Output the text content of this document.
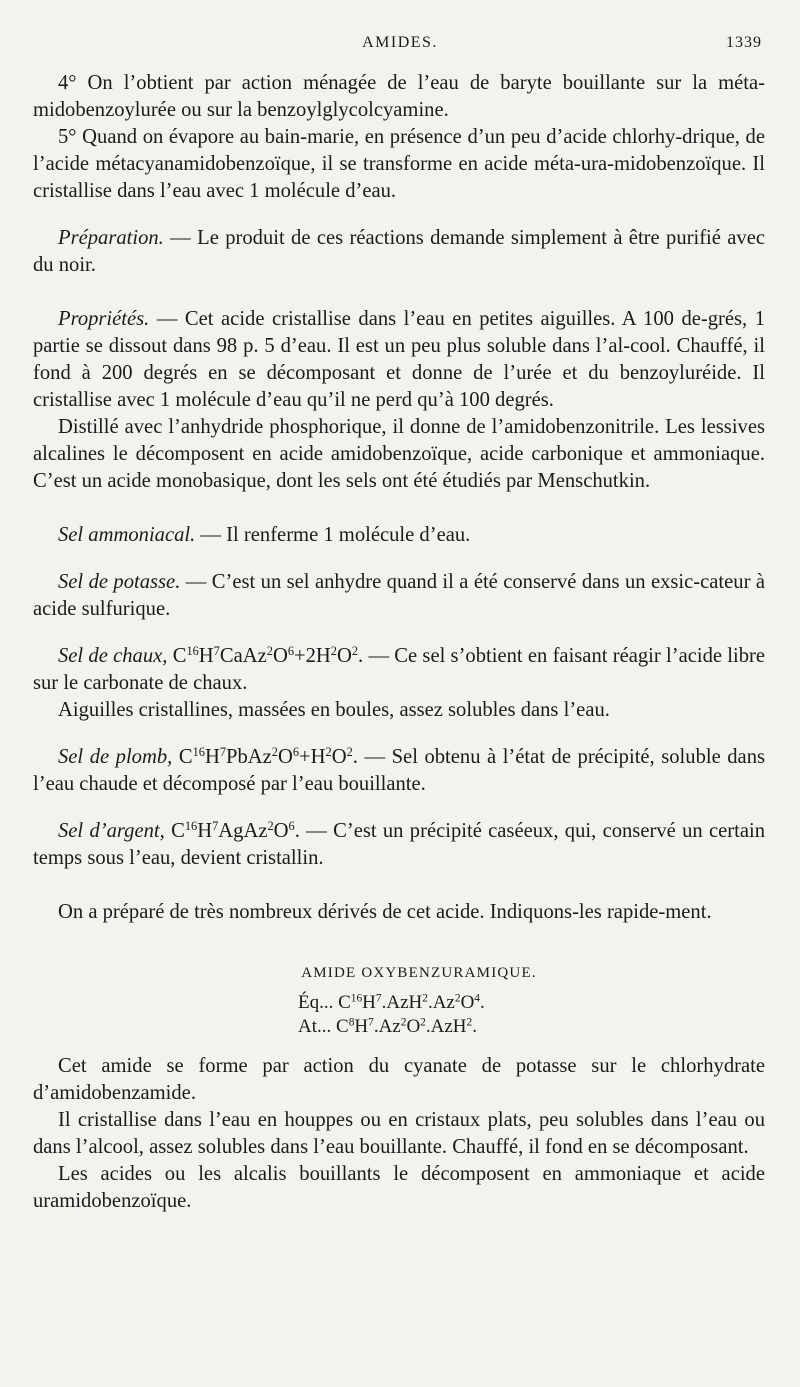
AMIDES.	1339

4° On l’obtient par action ménagée de l’eau de baryte bouillante sur la méta-midobenzoylurée ou sur la benzoylglycolcyamine.

5° Quand on évapore au bain-marie, en présence d’un peu d’acide chlorhy-drique, de l’acide métacyanamidobenzoïque, il se transforme en acide méta-ura-midobenzoïque. Il cristallise dans l’eau avec 1 molécule d’eau.

Préparation. — Le produit de ces réactions demande simplement à être purifié avec du noir.

Propriétés. — Cet acide cristallise dans l’eau en petites aiguilles. A 100 de-grés, 1 partie se dissout dans 98 p. 5 d’eau. Il est un peu plus soluble dans l’al-cool. Chauffé, il fond à 200 degrés en se décomposant et donne de l’urée et du benzoyluréide. Il cristallise avec 1 molécule d’eau qu’il ne perd qu’à 100 degrés.

Distillé avec l’anhydride phosphorique, il donne de l’amidobenzonitrile. Les lessives alcalines le décomposent en acide amidobenzoïque, acide carbonique et ammoniaque. C’est un acide monobasique, dont les sels ont été étudiés par Menschutkin.

Sel ammoniacal. — Il renferme 1 molécule d’eau.

Sel de potasse. — C’est un sel anhydre quand il a été conservé dans un exsic-cateur à acide sulfurique.

Sel de chaux, $C^{16}H^7CaAz^2O^6+2H^2O^2$. — Ce sel s’obtient en faisant réagir l’acide libre sur le carbonate de chaux.

Aiguilles cristallines, massées en boules, assez solubles dans l’eau.

Sel de plomb, $C^{16}H^7PbAz^2O^6+H^2O^2$. — Sel obtenu à l’état de précipité, soluble dans l’eau chaude et décomposé par l’eau bouillante.

Sel d’argent, $C^{16}H^7AgAz^2O^6$. — C’est un précipité caséeux, qui, conservé un certain temps sous l’eau, devient cristallin.

On a préparé de très nombreux dérivés de cet acide. Indiquons-les rapide-ment.

AMIDE OXYBENZURAMIQUE.
Éq... $C^{16}H^7.AzH^2.Az^2O^4$.
At... $C^8H^7.Az^2O^2.AzH^2$.

Cet amide se forme par action du cyanate de potasse sur le chlorhydrate d’amidobenzamide.

Il cristallise dans l’eau en houppes ou en cristaux plats, peu solubles dans l’eau ou dans l’alcool, assez solubles dans l’eau bouillante. Chauffé, il fond en se décomposant.

Les acides ou les alcalis bouillants le décomposent en ammoniaque et acide uramidobenzoïque.
